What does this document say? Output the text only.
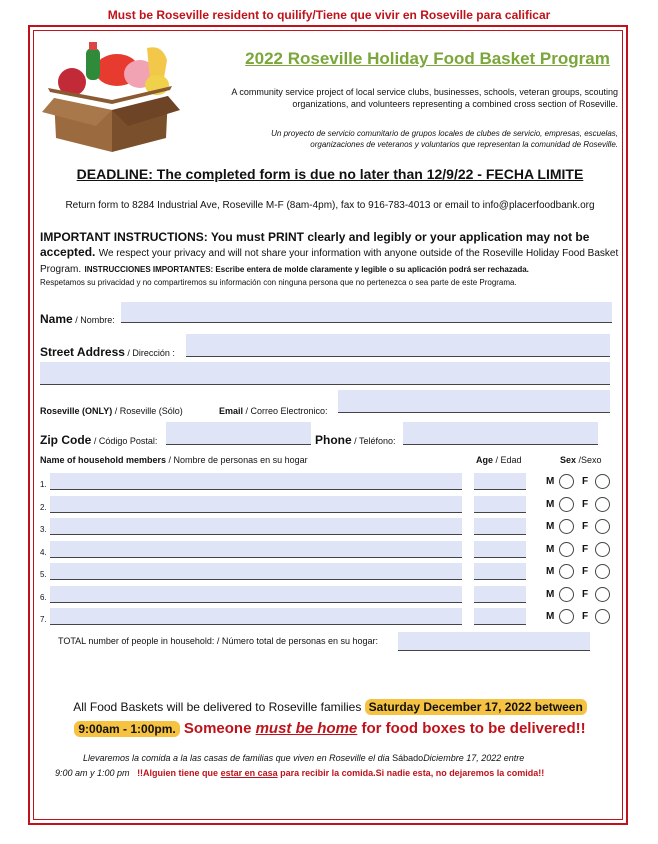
Must be Roseville resident to quilify/Tiene que vivir en Roseville para calificar
2022 Roseville Holiday Food Basket Program
A community service project of local service clubs, businesses, schools, veteran groups, scouting organizations, and volunteers representing a combined cross section of Roseville.
Un proyecto de servicio comunitario de grupos locales de clubes de servicio, empresas, escuelas, organizaciones de veteranos y voluntarios que representan la comunidad de Roseville.
DEADLINE: The completed form is due no later than 12/9/22 - FECHA LIMITE
Return form to 8284 Industrial Ave, Roseville M-F (8am-4pm), fax to 916-783-4013 or email to info@placerfoodbank.org
IMPORTANT INSTRUCTIONS: You must PRINT clearly and legibly or your application may not be accepted. We respect your privacy and will not share your information with anyone outside of the Roseville Holiday Food Basket Program. INSTRUCCIONES IMPORTANTES: Escribe entera de molde claramente y legible o su aplicación podrá ser rechazada.
Respetamos su privacidad y no compartiremos su información con ninguna persona que no pertenezca o sea parte de este Programa.
Name / Nombre:
Street Address / Dirección :
Roseville (ONLY) / Roseville (Sólo)	Email / Correo Electronico:
Zip Code / Código Postal:	Phone / Teléfono:
Name of household members / Nombre de personas en su hogar	Age / Edad	Sex /Sexo
1.	M	F
2.	M	F
3.	M	F
4.	M	F
5.	M	F
6.	M	F
7.	M	F
TOTAL number of people in household: / Número total de personas en su hogar:
All Food Baskets will be delivered to Roseville families Saturday December 17, 2022 between
9:00am - 1:00pm. Someone must be home for food boxes to be delivered!!
Llevaremos la comida a la las casas de familias que viven en Roseville el dia SábadoDiciembre 17, 2022 entre
9:00 am y 1:00 pm !!Alguien tiene que estar en casa para recibir la comida.Si nadie esta, no dejaremos la comida!!
